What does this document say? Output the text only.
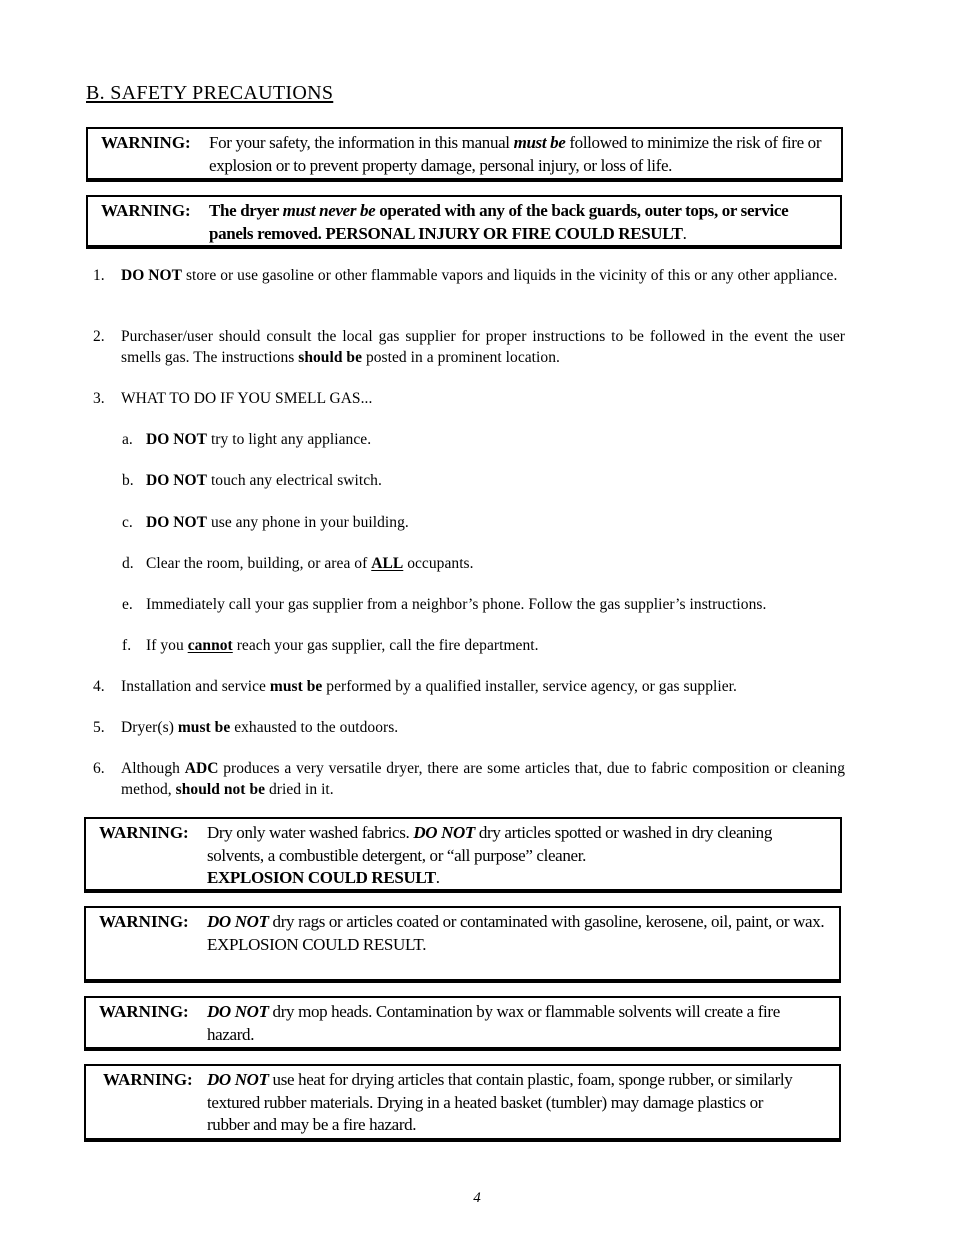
B. SAFETY PRECAUTIONS
WARNING: For your safety, the information in this manual must be followed to minimize the risk of fire or explosion or to prevent property damage, personal injury, or loss of life.
WARNING: The dryer must never be operated with any of the back guards, outer tops, or service panels removed. PERSONAL INJURY OR FIRE COULD RESULT.
1. DO NOT store or use gasoline or other flammable vapors and liquids in the vicinity of this or any other appliance.
2. Purchaser/user should consult the local gas supplier for proper instructions to be followed in the event the user smells gas. The instructions should be posted in a prominent location.
3. WHAT TO DO IF YOU SMELL GAS...
a. DO NOT try to light any appliance.
b. DO NOT touch any electrical switch.
c. DO NOT use any phone in your building.
d. Clear the room, building, or area of ALL occupants.
e. Immediately call your gas supplier from a neighbor’s phone. Follow the gas supplier’s instructions.
f. If you cannot reach your gas supplier, call the fire department.
4. Installation and service must be performed by a qualified installer, service agency, or gas supplier.
5. Dryer(s) must be exhausted to the outdoors.
6. Although ADC produces a very versatile dryer, there are some articles that, due to fabric composition or cleaning method, should not be dried in it.
WARNING: Dry only water washed fabrics. DO NOT dry articles spotted or washed in dry cleaning solvents, a combustible detergent, or “all purpose” cleaner.
EXPLOSION COULD RESULT.
WARNING: DO NOT dry rags or articles coated or contaminated with gasoline, kerosene, oil, paint, or wax.
EXPLOSION COULD RESULT.
WARNING: DO NOT dry mop heads. Contamination by wax or flammable solvents will create a fire hazard.
WARNING: DO NOT use heat for drying articles that contain plastic, foam, sponge rubber, or similarly textured rubber materials. Drying in a heated basket (tumbler) may damage plastics or rubber and may be a fire hazard.
4
